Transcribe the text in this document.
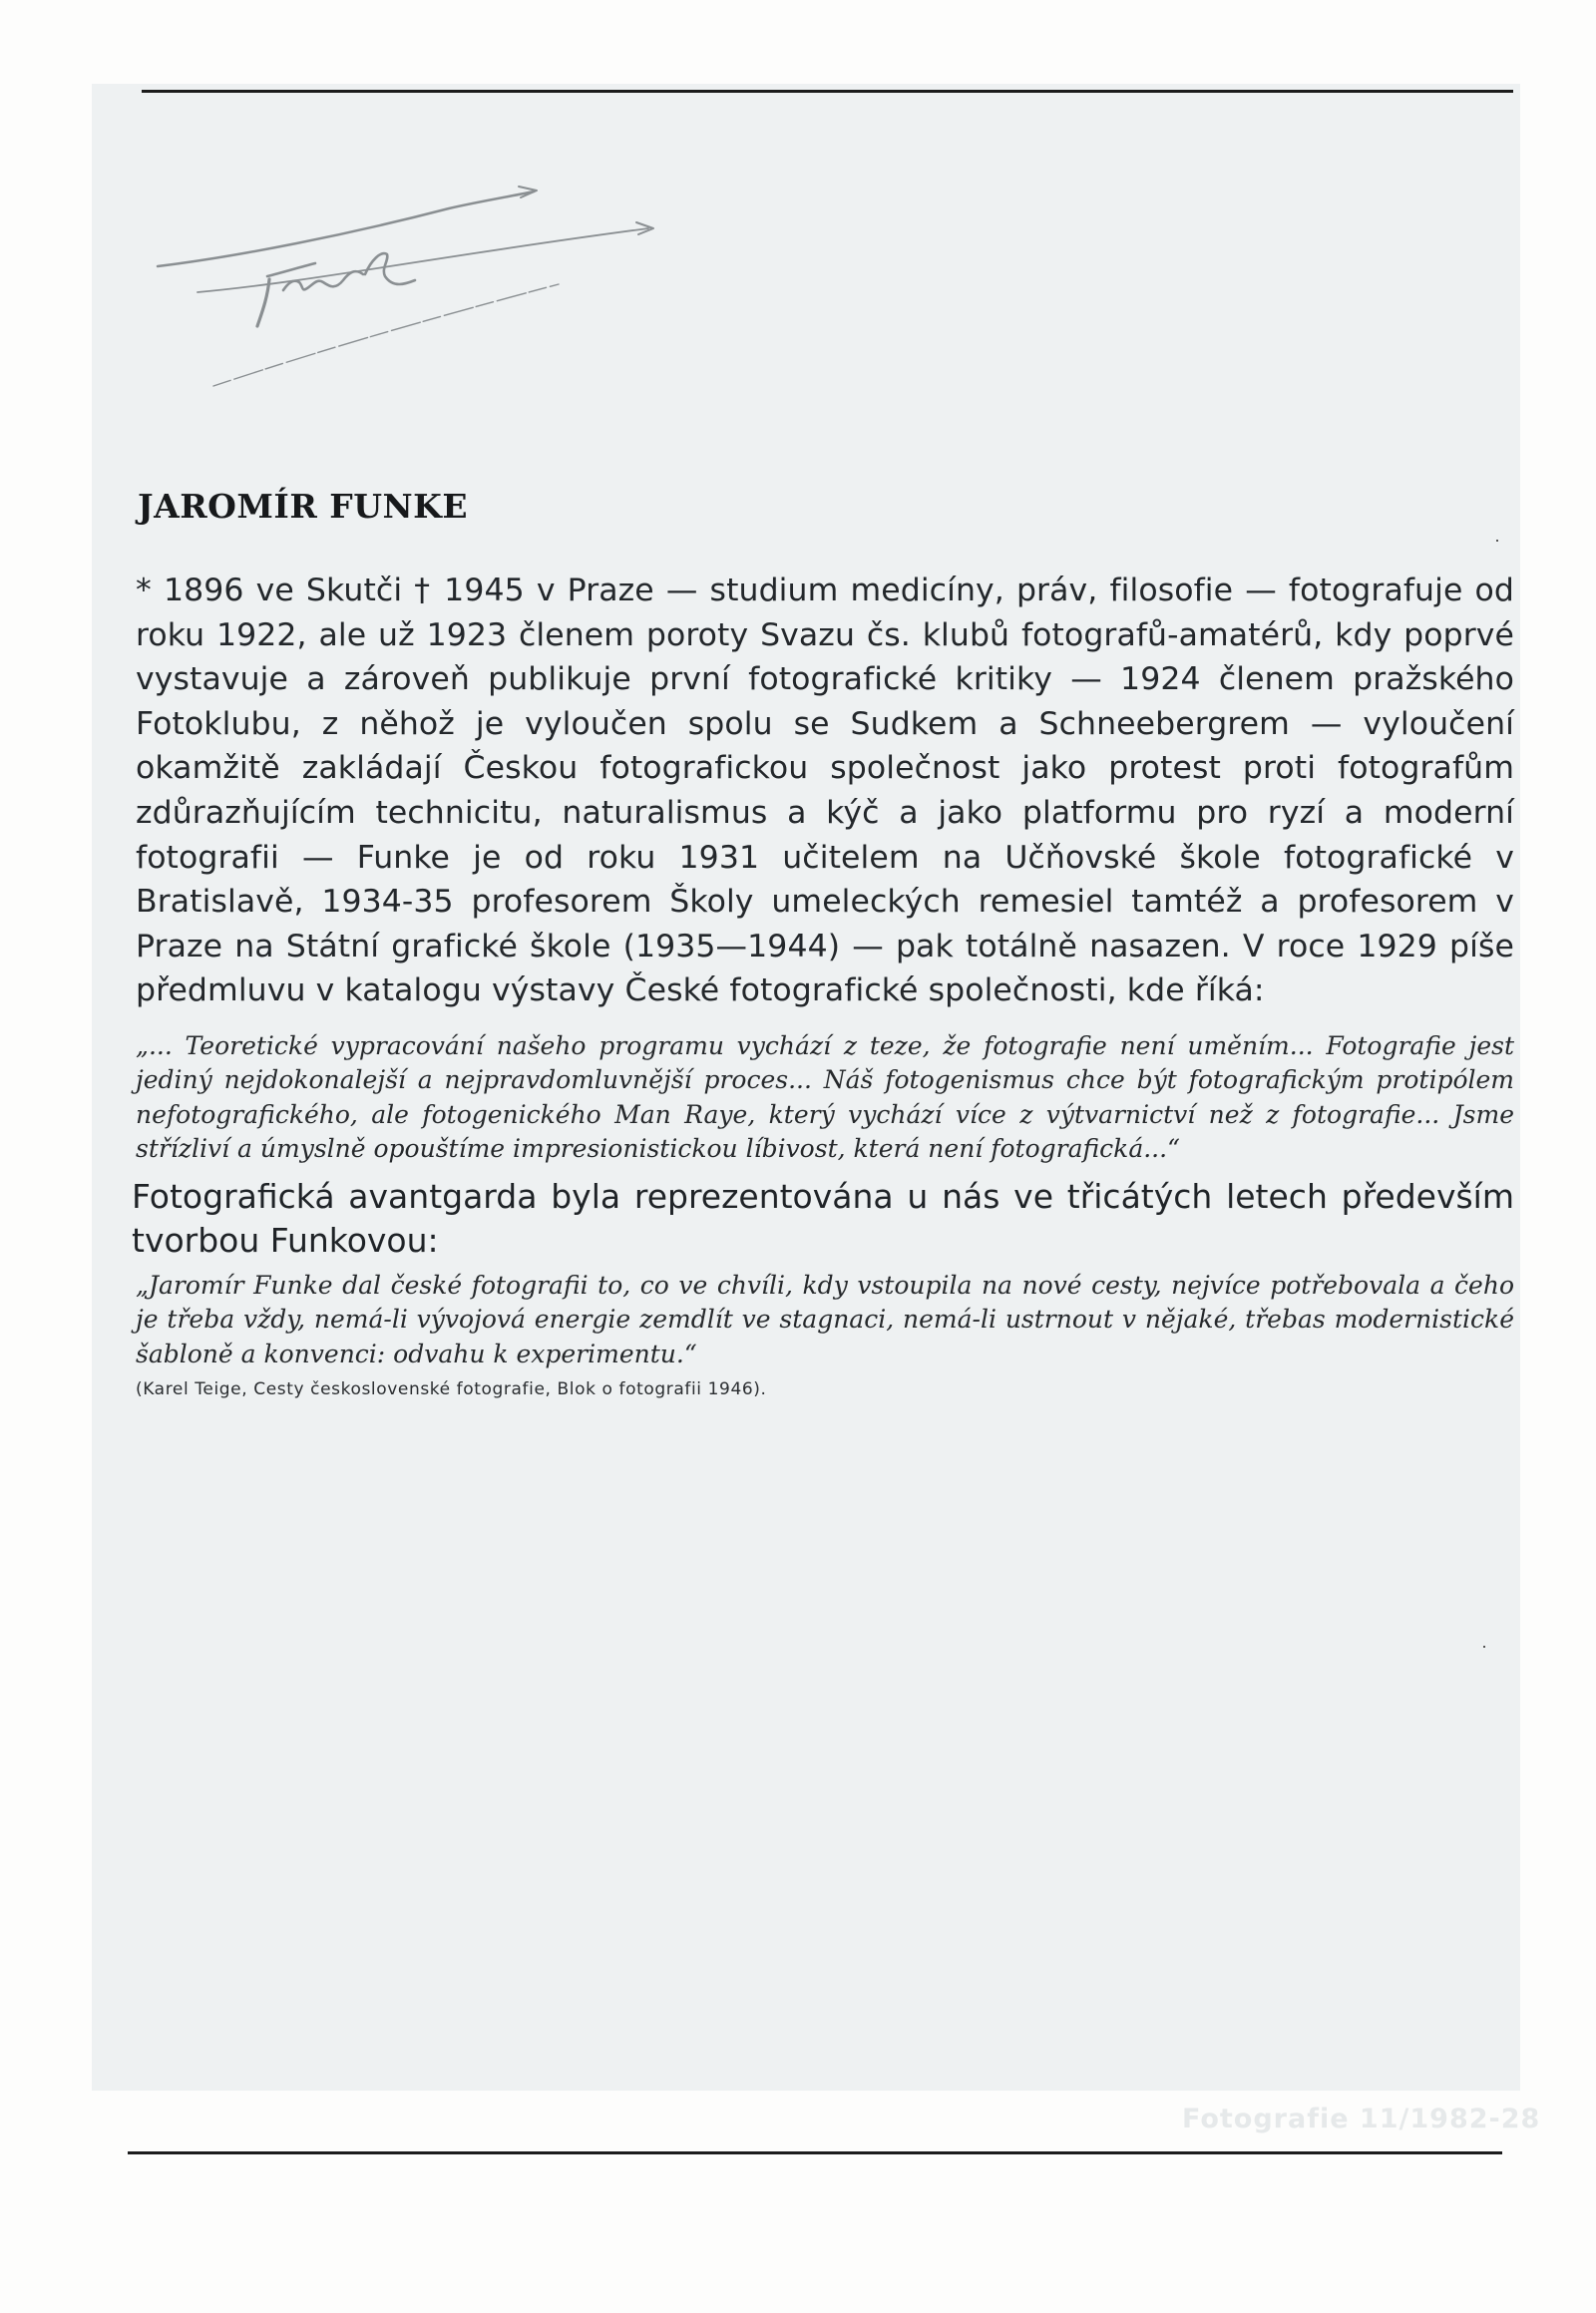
JAROMÍR FUNKE

* 1896 ve Skutči † 1945 v Praze — studium medicíny, práv, filosofie — fotografuje od roku 1922, ale už 1923 členem poroty Svazu čs. klubů fotografů-amatérů, kdy poprvé vystavuje a zároveň publikuje první fotografické kritiky — 1924 členem pražského Fotoklubu, z něhož je vyloučen spolu se Sudkem a Schneebergrem — vyloučení okamžitě zakládají Českou fotografickou společnost jako protest proti fotografům zdůrazňujícím technicitu, naturalismus a kýč a jako platformu pro ryzí a moderní fotografii — Funke je od roku 1931 učitelem na Učňovské škole fotografické v Bratislavě, 1934-35 profesorem Školy umeleckých remesiel tamtéž a profesorem v Praze na Státní grafické škole (1935—1944) — pak totálně nasazen. V roce 1929 píše předmluvu v katalogu výstavy České fotografické společnosti, kde říká:

„... Teoretické vypracování našeho programu vychází z teze, že fotografie není uměním... Fotografie jest jediný nejdokonalejší a nejpravdomluvnější proces... Náš fotogenismus chce být fotografickým protipólem nefotografického, ale fotogenického Man Raye, který vychází více z výtvarnictví než z fotografie... Jsme střízliví a úmyslně opouštíme impresionistickou líbivost, která není fotografická...“

Fotografická avantgarda byla reprezentována u nás ve třicátých letech především tvorbou Funkovou:

„Jaromír Funke dal české fotografii to, co ve chvíli, kdy vstoupila na nové cesty, nejvíce potřebovala a čeho je třeba vždy, nemá-li vývojová energie zemdlít ve stagnaci, nemá-li ustrnout v nějaké, třebas modernistické šabloně a konvenci: odvahu k experimentu.“

(Karel Teige, Cesty československé fotografie, Blok o fotografii 1946).

Fotografie 11/1982-28
